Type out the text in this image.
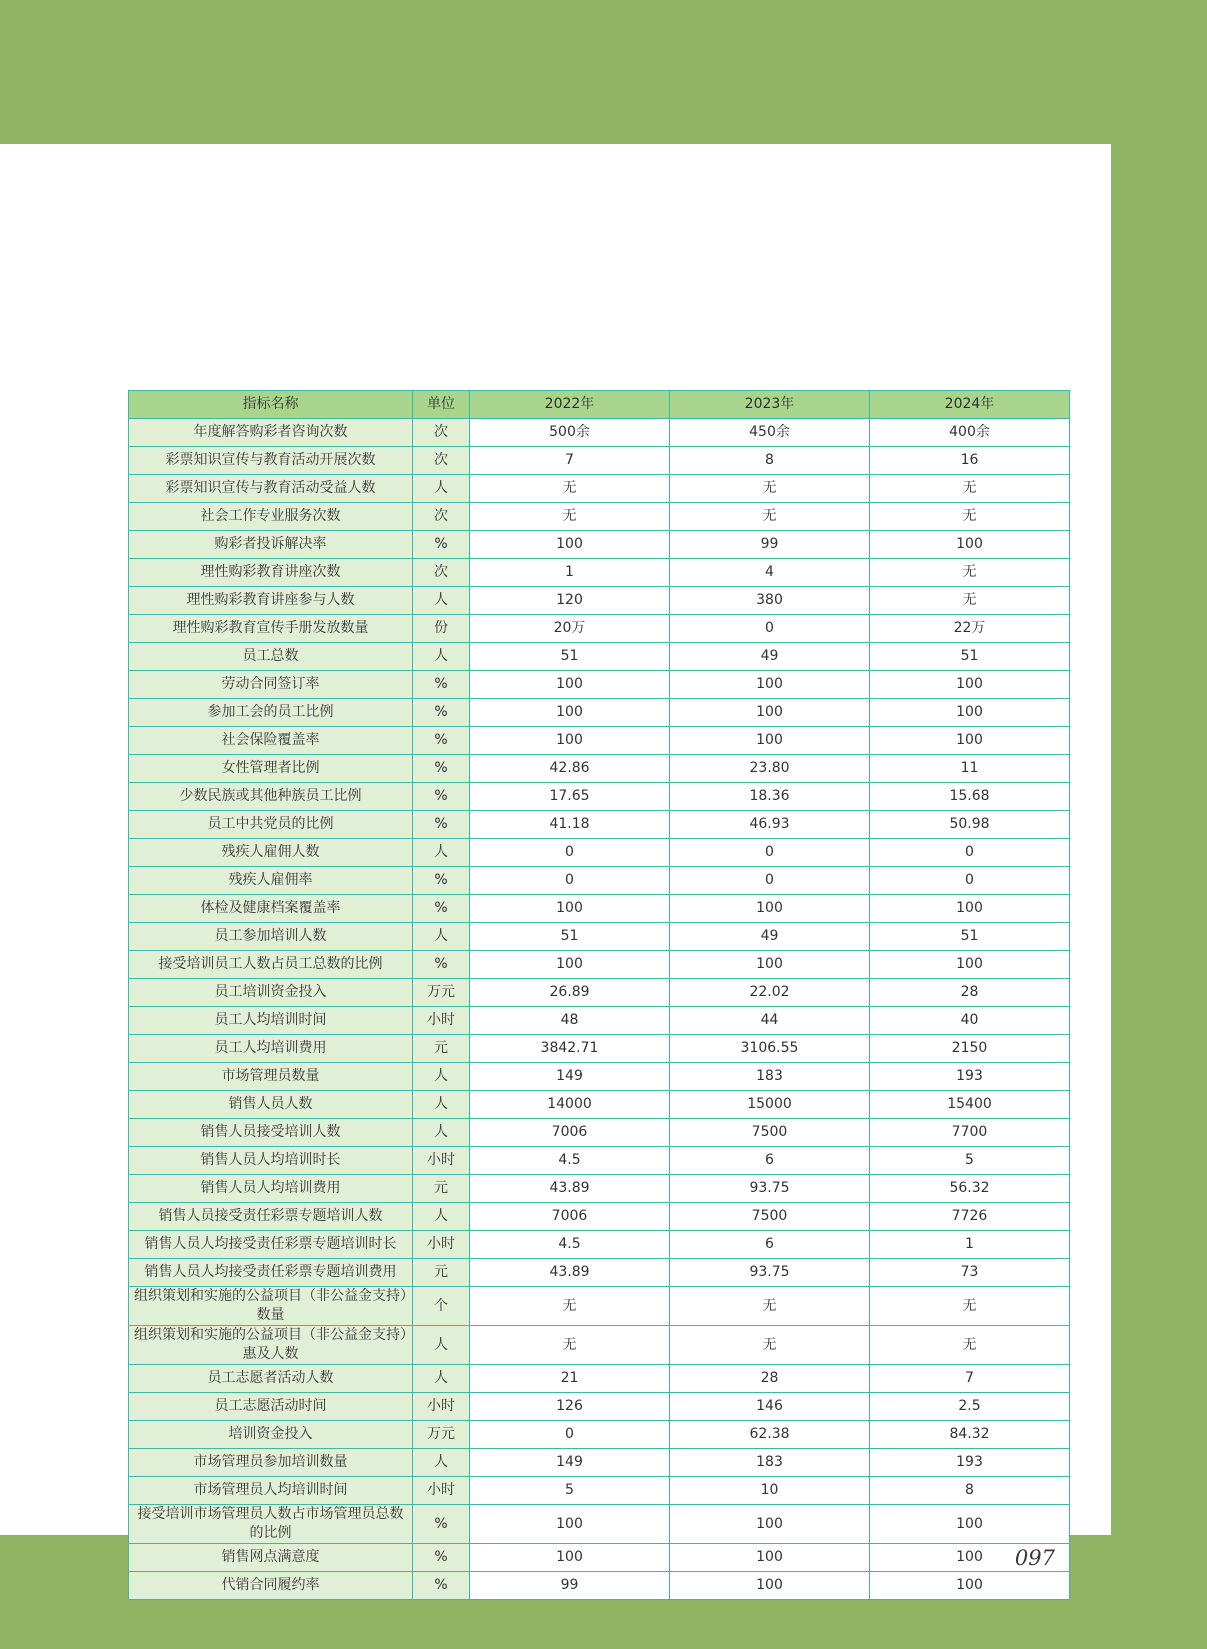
指标名称	单位	2022年	2023年	2024年
年度解答购彩者咨询次数	次	500余	450余	400余
彩票知识宣传与教育活动开展次数	次	7	8	16
彩票知识宣传与教育活动受益人数	人	无	无	无
社会工作专业服务次数	次	无	无	无
购彩者投诉解决率	%	100	99	100
理性购彩教育讲座次数	次	1	4	无
理性购彩教育讲座参与人数	人	120	380	无
理性购彩教育宣传手册发放数量	份	20万	0	22万
员工总数	人	51	49	51
劳动合同签订率	%	100	100	100
参加工会的员工比例	%	100	100	100
社会保险覆盖率	%	100	100	100
女性管理者比例	%	42.86	23.80	11
少数民族或其他种族员工比例	%	17.65	18.36	15.68
员工中共党员的比例	%	41.18	46.93	50.98
残疾人雇佣人数	人	0	0	0
残疾人雇佣率	%	0	0	0
体检及健康档案覆盖率	%	100	100	100
员工参加培训人数	人	51	49	51
接受培训员工人数占员工总数的比例	%	100	100	100
员工培训资金投入	万元	26.89	22.02	28
员工人均培训时间	小时	48	44	40
员工人均培训费用	元	3842.71	3106.55	2150
市场管理员数量	人	149	183	193
销售人员人数	人	14000	15000	15400
销售人员接受培训人数	人	7006	7500	7700
销售人员人均培训时长	小时	4.5	6	5
销售人员人均培训费用	元	43.89	93.75	56.32
销售人员接受责任彩票专题培训人数	人	7006	7500	7726
销售人员人均接受责任彩票专题培训时长	小时	4.5	6	1
销售人员人均接受责任彩票专题培训费用	元	43.89	93.75	73
组织策划和实施的公益项目（非公益金支持）数量	个	无	无	无
组织策划和实施的公益项目（非公益金支持）惠及人数	人	无	无	无
员工志愿者活动人数	人	21	28	7
员工志愿活动时间	小时	126	146	2.5
培训资金投入	万元	0	62.38	84.32
市场管理员参加培训数量	人	149	183	193
市场管理员人均培训时间	小时	5	10	8
接受培训市场管理员人数占市场管理员总数的比例	%	100	100	100
销售网点满意度	%	100	100	100
代销合同履约率	%	99	100	100
097
